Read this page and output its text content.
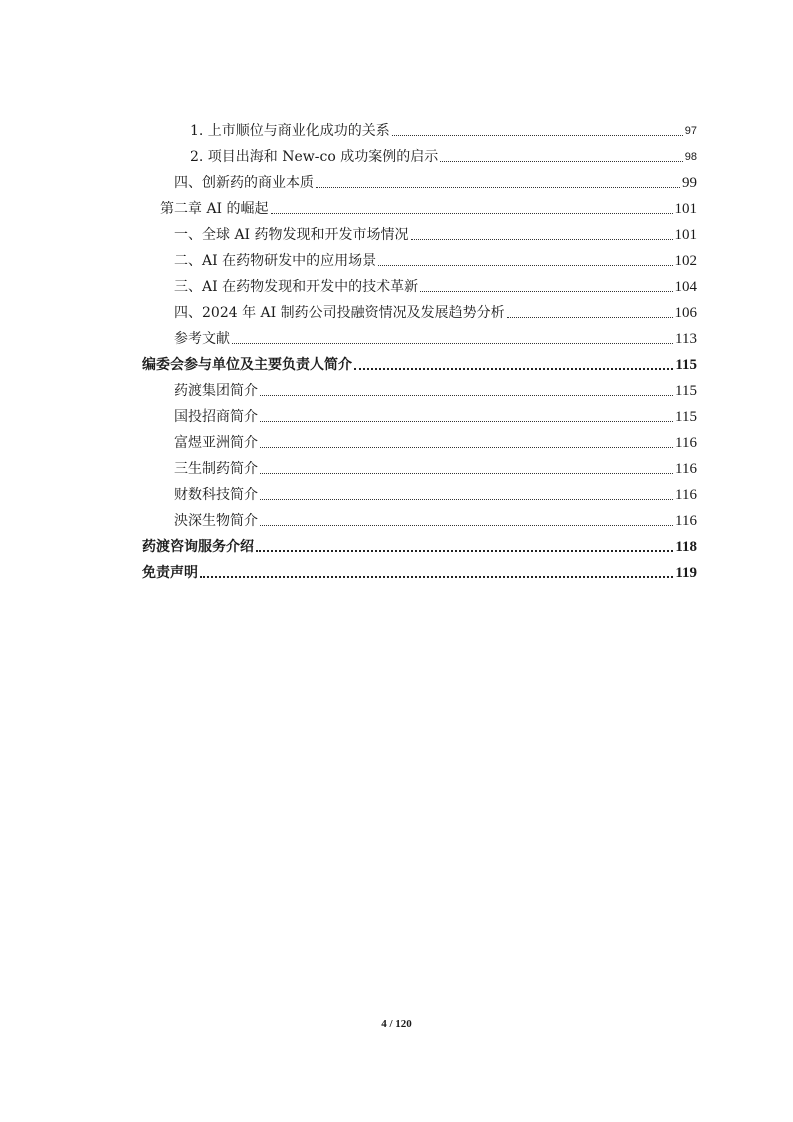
1. 上市顺位与商业化成功的关系	97
2. 项目出海和 New-co 成功案例的启示	98
四、创新药的商业本质	99
第二章 AI 的崛起	101
一、全球 AI 药物发现和开发市场情况	101
二、AI 在药物研发中的应用场景	102
三、AI 在药物发现和开发中的技术革新	104
四、2024 年 AI 制药公司投融资情况及发展趋势分析	106
参考文献	113
编委会参与单位及主要负责人简介	115
药渡集团简介	115
国投招商简介	115
富煜亚洲简介	116
三生制药简介	116
财数科技简介	116
泱深生物简介	116
药渡咨询服务介绍	118
免责声明	119
4 / 120
